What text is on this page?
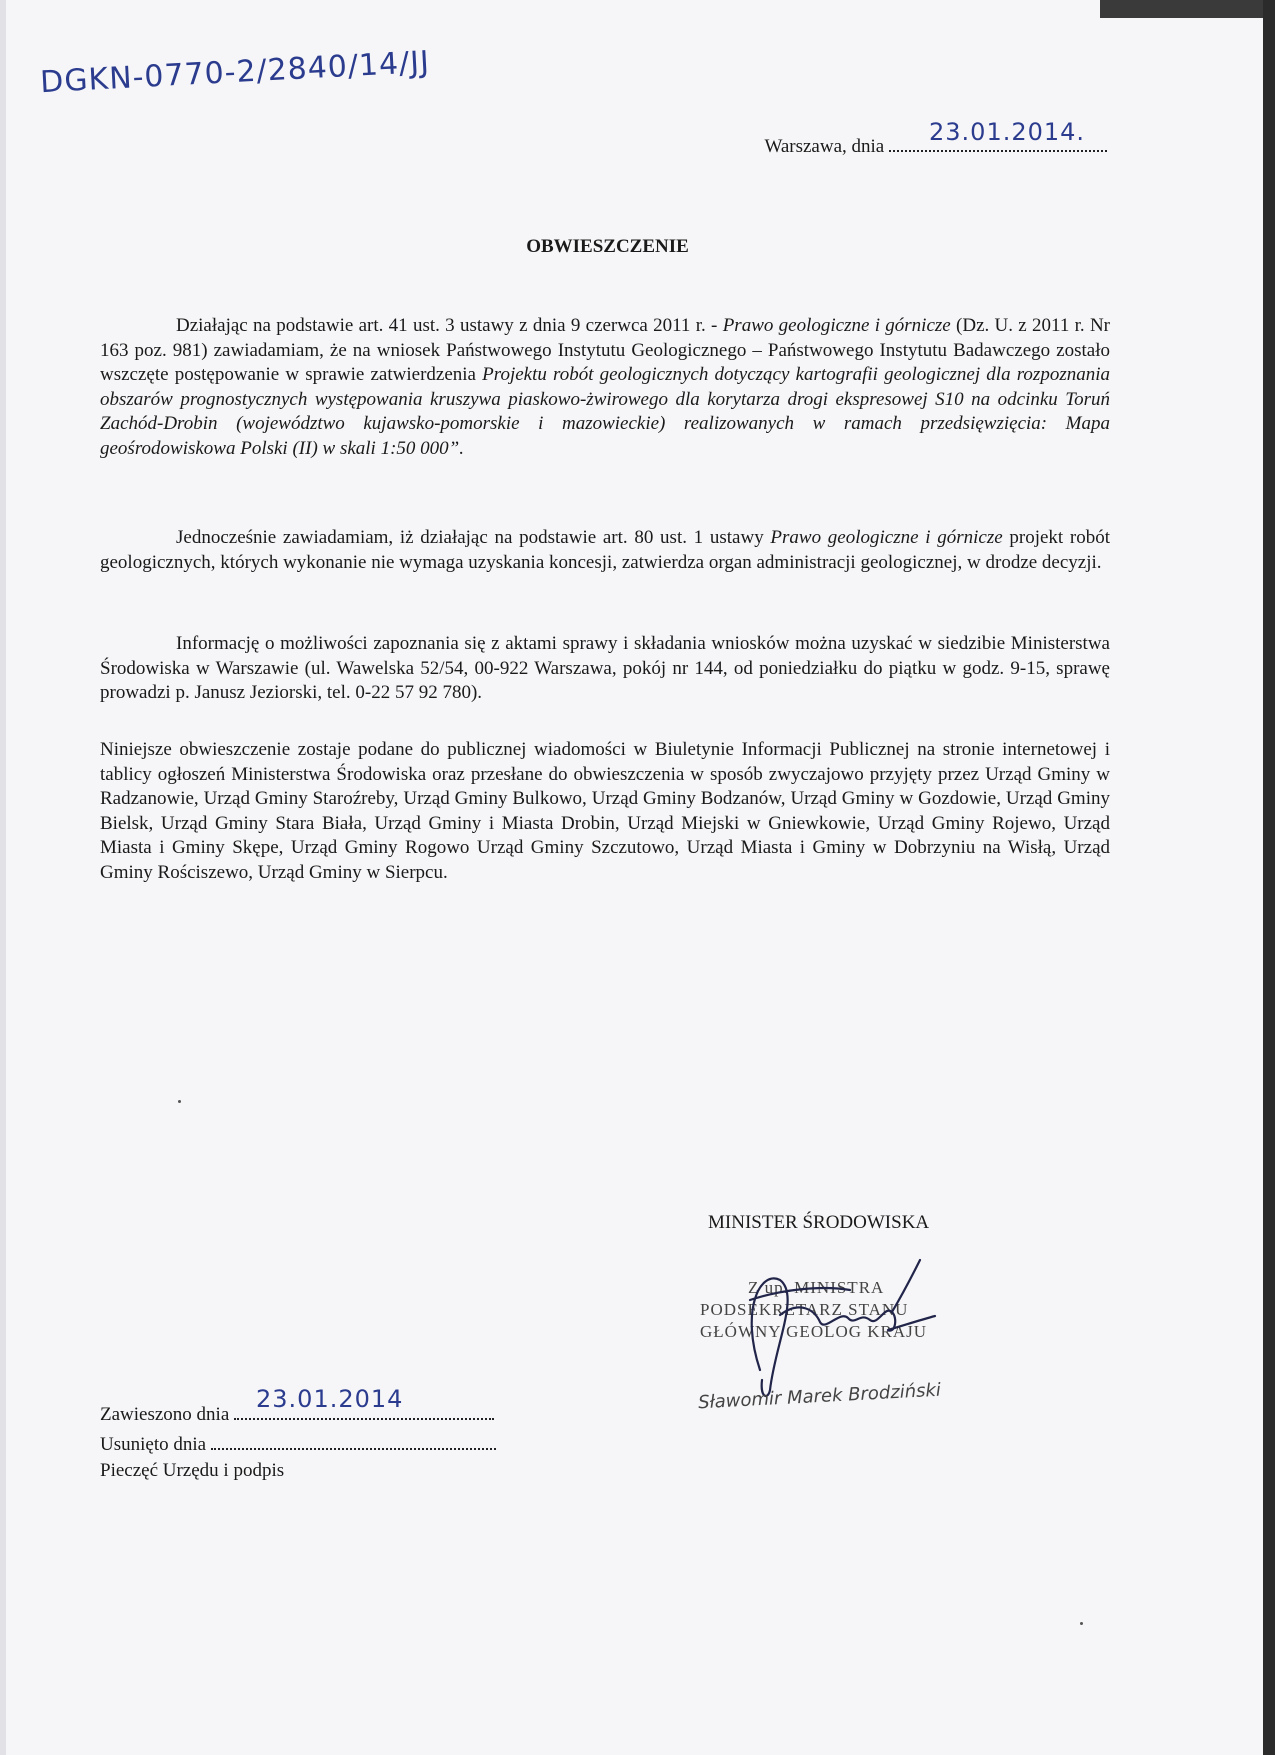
DGKN-0770-2/2840/14/JJ
Warszawa, dnia
23.01.2014.
OBWIESZCZENIE

Działając na podstawie art. 41 ust. 3 ustawy z dnia 9 czerwca 2011 r. - Prawo geologiczne i górnicze (Dz. U. z 2011 r. Nr 163 poz. 981) zawiadamiam, że na wniosek Państwowego Instytutu Geologicznego – Państwowego Instytutu Badawczego zostało wszczęte postępowanie w sprawie zatwierdzenia Projektu robót geologicznych dotyczący kartografii geologicznej dla rozpoznania obszarów prognostycznych występowania kruszywa piaskowo-żwirowego dla korytarza drogi ekspresowej S10 na odcinku Toruń Zachód-Drobin (województwo kujawsko-pomorskie i mazowieckie) realizowanych w ramach przedsięwzięcia: Mapa geośrodowiskowa Polski (II) w skali 1:50 000”.

Jednocześnie zawiadamiam, iż działając na podstawie art. 80 ust. 1 ustawy Prawo geologiczne i górnicze projekt robót geologicznych, których wykonanie nie wymaga uzyskania koncesji, zatwierdza organ administracji geologicznej, w drodze decyzji.

Informację o możliwości zapoznania się z aktami sprawy i składania wniosków można uzyskać w siedzibie Ministerstwa Środowiska w Warszawie (ul. Wawelska 52/54, 00-922 Warszawa, pokój nr 144, od poniedziałku do piątku w godz. 9-15, sprawę prowadzi p. Janusz Jeziorski, tel. 0-22 57 92 780).

Niniejsze obwieszczenie zostaje podane do publicznej wiadomości w Biuletynie Informacji Publicznej na stronie internetowej i tablicy ogłoszeń Ministerstwa Środowiska oraz przesłane do obwieszczenia w sposób zwyczajowo przyjęty przez Urząd Gminy w Radzanowie, Urząd Gminy Staroźreby, Urząd Gminy Bulkowo, Urząd Gminy Bodzanów, Urząd Gminy w Gozdowie, Urząd Gminy Bielsk, Urząd Gminy Stara Biała, Urząd Gminy i Miasta Drobin, Urząd Miejski w Gniewkowie, Urząd Gminy Rojewo, Urząd Miasta i Gminy Skępe, Urząd Gminy Rogowo Urząd Gminy Szczutowo, Urząd Miasta i Gminy w Dobrzyniu na Wisłą, Urząd Gminy Rościszewo, Urząd Gminy w Sierpcu.

MINISTER ŚRODOWISKA
Z up. MINISTRA
PODSEKRETARZ STANU
GŁÓWNY GEOLOG KRAJU
Sławomir Marek Brodziński
Zawieszono dnia
23.01.2014
Usunięto dnia
Pieczęć Urzędu i podpis
